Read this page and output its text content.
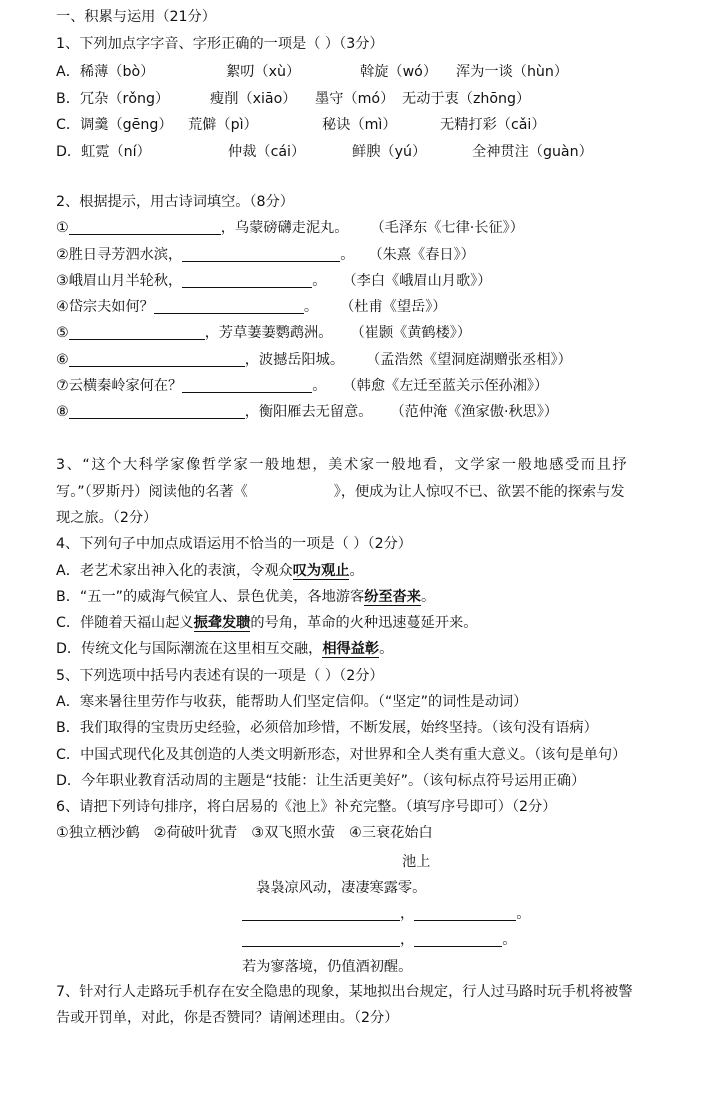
一、积累与运用（21分）
1、下列加点字字音、字形正确的一项是（ ）（3分）
A．稀薄（bò）	絮叨（xù）	斡旋（wó） 浑为一谈（hùn）
B．冗杂（rǒng）	瘦削（xiāo） 墨守（mó） 无动于衷（zhōng）
C．调羹（gēng） 荒僻（pì）	秘诀（mì）	无精打彩（cǎi）
D．虹霓（ní）	仲裁（cái）	鲜腴（yú）	全神贯注（guàn）
2、根据提示，用古诗词填空。（8分）
①	，乌蒙磅礴走泥丸。 （毛泽东《七律·长征》）
②胜日寻芳泗水滨，	。 （朱熹《春日》）
③峨眉山月半轮秋，	。 （李白《峨眉山月歌》）
④岱宗夫如何？	。 （杜甫《望岳》）
⑤	，芳草萋萋鹦鹉洲。 （崔颢《黄鹤楼》）
⑥	，波撼岳阳城。 （孟浩然《望洞庭湖赠张丞相》）
⑦云横秦岭家何在？	。 （韩愈《左迁至蓝关示侄孙湘》）
⑧	，衡阳雁去无留意。 （范仲淹《渔家傲·秋思》）
3、“这个大科学家像哲学家一般地想，美术家一般地看，文学家一般地感受而且抒
写。”（罗斯丹）阅读他的名著《	》，便成为让人惊叹不已、欲罢不能的探索与发
现之旅。（2分）
4、下列句子中加点成语运用不恰当的一项是（ ）（2分）
A．老艺术家出神入化的表演，令观众叹为观止。
B．“五一”的威海气候宜人、景色优美，各地游客纷至沓来。
C．伴随着天福山起义振聋发聩的号角，革命的火种迅速蔓延开来。
D．传统文化与国际潮流在这里相互交融，相得益彰。
5、下列选项中括号内表述有误的一项是（ ）（2分）
A．寒来暑往里劳作与收获，能帮助人们坚定信仰。（“坚定”的词性是动词）
B．我们取得的宝贵历史经验，必须倍加珍惜，不断发展，始终坚持。（该句没有语病）
C．中国式现代化及其创造的人类文明新形态，对世界和全人类有重大意义。（该句是单句）
D．今年职业教育活动周的主题是“技能：让生活更美好”。（该句标点符号运用正确）
6、请把下列诗句排序，将白居易的《池上》补充完整。（填写序号即可）（2分）
①独立栖沙鹤 ②荷破叶犹青 ③双飞照水萤 ④三衰花始白
池上
袅袅凉风动，凄凄寒露零。
，	。
，	。
若为寥落境，仍值酒初醒。
7、针对行人走路玩手机存在安全隐患的现象，某地拟出台规定，行人过马路时玩手机将被警
告或开罚单，对此，你是否赞同？请阐述理由。（2分）
